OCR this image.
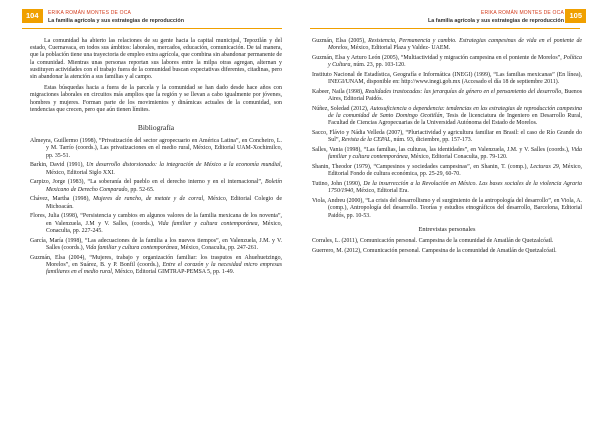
104	ERIKA ROMÁN MONTES DE OCA
La familia agrícola y sus estrategias de reproducción

La comunidad ha abierto las relaciones de su gente hacia la capital municipal, Tepoztlán y del estado, Cuernavaca, en todos sus ámbitos: laborales, mercados, educación, comunicación. De tal manera, que la población tiene una trayectoria de empleo extra agrícola, que combina sin abandonar permanente de la comunidad. Mientras unas personas reportan sus labores entre la milpa otras agregan, alternan y sustituyen actividades con el trabajo fuera de la comunidad buscan expectativas diferentes, citadinas, pero sin abandonar la atención a sus familias y al campo.

Estas búsquedas hacia a fuera de la parcela y la comunidad se han dado desde hace años con migraciones laborales en circuitos más amplios que la región y se llevan a cabo igualmente por jóvenes, hombres y mujeres. Forman parte de los movimientos y dinámicas actuales de la comunidad, son tendencias que crecen, pero que aún tienen límites.

Bibliografía
Almeyra, Guillermo (1998), “Privatización del sector agropecuario en América Latina”, en Concheiro, L. y M. Tarrío (coords.), Las privatizaciones en el medio rural, México, Editorial UAM-Xochimilco, pp. 35-51.
Barkin, David (1991), Un desarrollo distorsionado: la integración de México a la economía mundial, México, Editorial Siglo XXI.
Carpizo, Jorge (1983), “La soberanía del pueblo en el derecho interno y en el internacional”, Boletín Mexicano de Derecho Comparado, pp. 52-65.
Chávez, Martha (1998), Mujeres de rancho, de metate y de corral, México, Editorial Colegio de Michoacán.
Flores, Julia (1998), “Persistencia y cambios en algunos valores de la familia mexicana de los noventa”, en Valenzuela, J.M y V. Salles, (coords.), Vida familiar y cultura contemporánea, México, Conaculta, pp. 227-245.
García, María (1998), “Las adecuaciones de la familia a los nuevos tiempos”, en Valenzuela, J.M. y V. Salles (coords.), Vida familiar y cultura contemporánea, México, Conaculta, pp. 247-261.
Guzmán, Elsa (2004), “Mujeres, trabajo y organización familiar: los trasputos en Ahuehuetzingo, Morelos”, en Suárez, B. y P. Bonfil (coords.), Entre el corazón y la necesidad micro empresas familiares en el medio rural, México, Editorial GIMTRAP-PEMSA 5, pp. 1-49.
105
ERIKA ROMÁN MONTES DE OCA
La familia agrícola y sus estrategias de reproducción
Guzmán, Elsa (2005), Resistencia, Permanencia y cambio. Estrategias campesinas de vida en el poniente de Morelos, México, Editorial Plaza y Valdez- UAEM.
Guzmán, Elsa y Arturo León (2005), “Multiactividad y migración campesina en el poniente de Morelos”, Política y Cultura, núm. 23, pp. 103-120.
Instituto Nacional de Estadística, Geografía e Informática (INEGI) (1999), “Las familias mexicanas” (En línea), INEGI/UNAM, disponible en: http://www.inegi.gob.mx (Accesado el día 18 de septiembre 2011).
Kabeer, Naila (1998), Realidades trastocadas: las jerarquías de género en el pensamiento del desarrollo, Buenos Aires, Editorial Paidós.
Núñez, Soledad (2012), Autosuficiencia o dependencia: tendencias en las estrategias de reproducción campesina de la comunidad de Santo Domingo Ocotitlán, Tesis de licenciatura de Ingeniero en Desarrollo Rural, Facultad de Ciencias Agropecuarias de la Universidad Autónoma del Estado de Morelos.
Sacco, Flávio y Nádia Velleda (2007), “Pluriactividad y agricultura familiar en Brasil: el caso de Río Grande do Sul”, Revista de la CEPAL, núm. 93, diciembre, pp. 157-173.
Salles, Vania (1998), “Las familias, las culturas, las identidades”, en Valenzuela, J.M. y V. Salles (coords.), Vida familiar y cultura contemporánea, México, Editorial Conaculta, pp. 79-120.
Shanin, Theodor (1979), “Campesinos y sociedades campesinas”, en Shanin, T. (comp.), Lecturas 29, México, Editorial Fondo de cultura económica, pp. 25-29, 60-70.
Tutino, John (1990), De la insurrección a la Revolución en México. Las bases sociales de la violencia Agraria 1750/1940, México, Editorial Era.
Viola, Andreu (2000), “La crisis del desarrollismo y el surgimiento de la antropología del desarrollo”, en Viola, A. (comp.), Antropología del desarrollo. Teorías y estudios etnográficos del desarrollo, Barcelona, Editorial Paidós, pp. 10-53.
Entrevistas personales
Corrales, L. (2011), Comunicación personal. Campesina de la comunidad de Amatlán de Quetzalcóatl.
Guerrero, M. (2012), Comunicación personal. Campesina de la comunidad de Amatlán de Quetzalcóatl.
